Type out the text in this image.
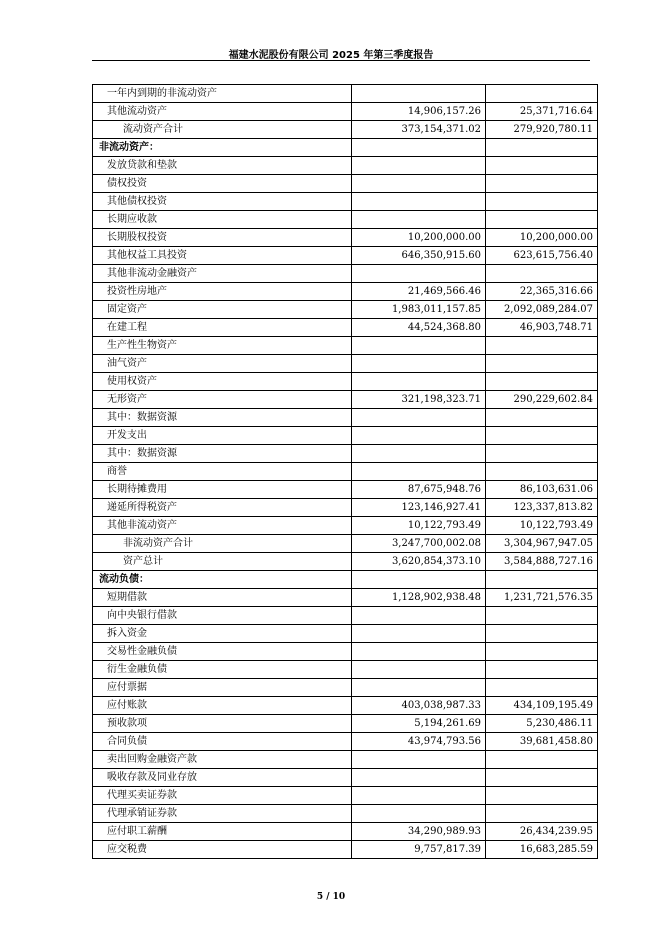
福建水泥股份有限公司 2025 年第三季度报告
一年内到期的非流动资产		
其他流动资产	14,906,157.26	25,371,716.64
流动资产合计	373,154,371.02	279,920,780.11
非流动资产：		
发放贷款和垫款		
债权投资		
其他债权投资		
长期应收款		
长期股权投资	10,200,000.00	10,200,000.00
其他权益工具投资	646,350,915.60	623,615,756.40
其他非流动金融资产		
投资性房地产	21,469,566.46	22,365,316.66
固定资产	1,983,011,157.85	2,092,089,284.07
在建工程	44,524,368.80	46,903,748.71
生产性生物资产		
油气资产		
使用权资产		
无形资产	321,198,323.71	290,229,602.84
其中：数据资源		
开发支出		
其中：数据资源		
商誉		
长期待摊费用	87,675,948.76	86,103,631.06
递延所得税资产	123,146,927.41	123,337,813.82
其他非流动资产	10,122,793.49	10,122,793.49
非流动资产合计	3,247,700,002.08	3,304,967,947.05
资产总计	3,620,854,373.10	3,584,888,727.16
流动负债：		
短期借款	1,128,902,938.48	1,231,721,576.35
向中央银行借款		
拆入资金		
交易性金融负债		
衍生金融负债		
应付票据		
应付账款	403,038,987.33	434,109,195.49
预收款项	5,194,261.69	5,230,486.11
合同负债	43,974,793.56	39,681,458.80
卖出回购金融资产款		
吸收存款及同业存放		
代理买卖证券款		
代理承销证券款		
应付职工薪酬	34,290,989.93	26,434,239.95
应交税费	9,757,817.39	16,683,285.59
5 / 10
